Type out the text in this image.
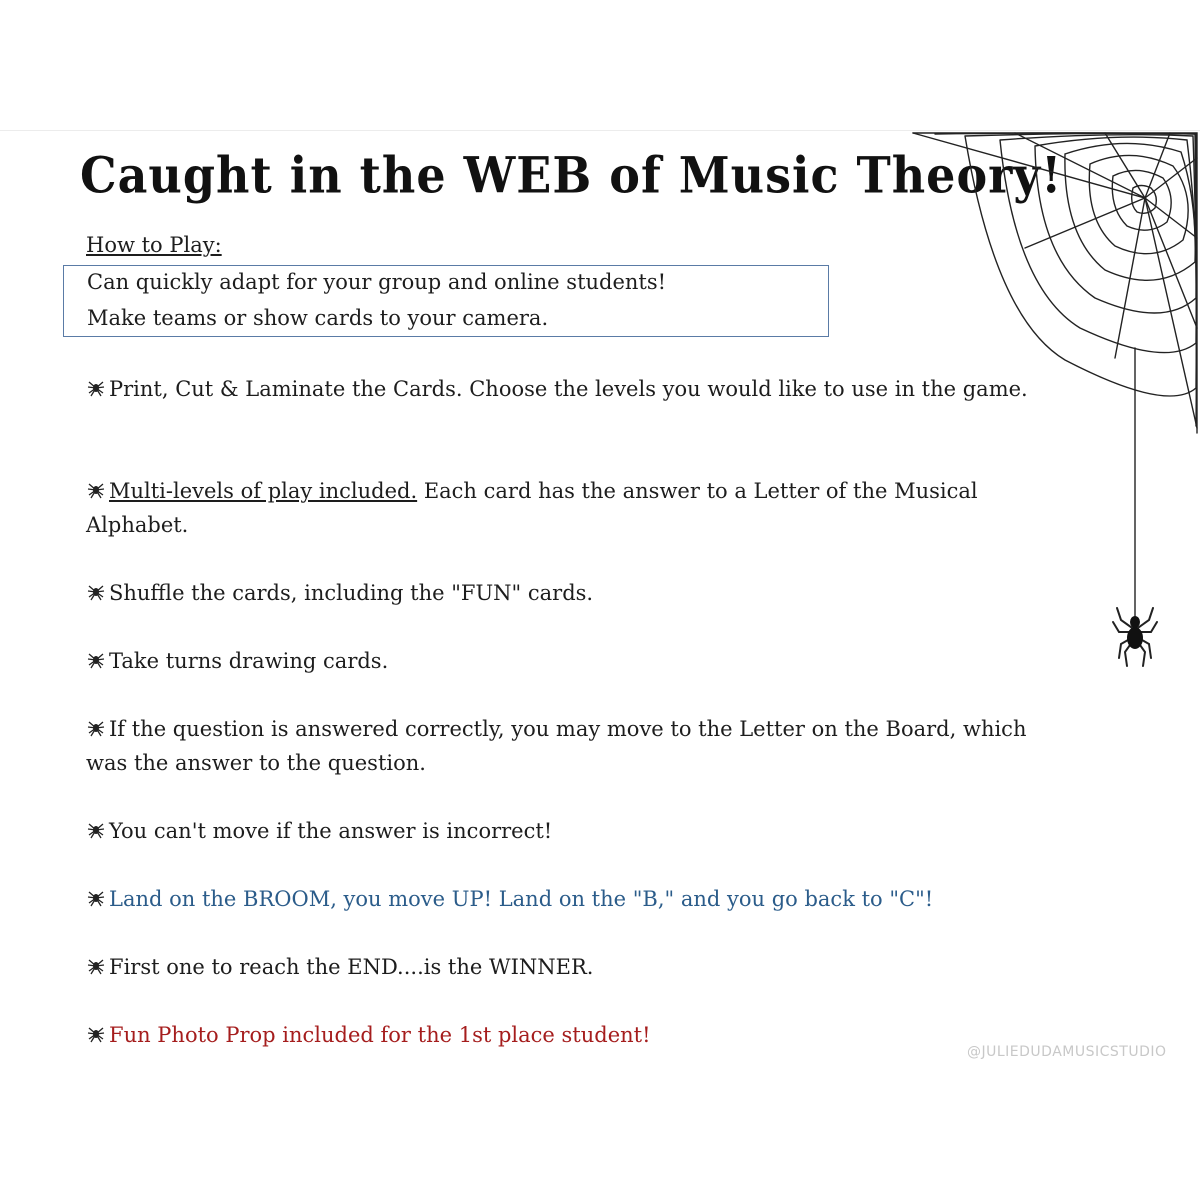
Caught in the WEB of Music Theory!
How to Play:
Can quickly adapt for your group and online students!
Make teams or show cards to your camera.
Print, Cut & Laminate the Cards. Choose the levels you would like to use in the game.
Multi-levels of play included. Each card has the answer to a Letter of the Musical Alphabet.
Shuffle the cards, including the "FUN" cards.
Take turns drawing cards.
If the question is answered correctly, you may move to the Letter on the Board, which was the answer to the question.
You can't move if the answer is incorrect!
Land on the BROOM, you move UP! Land on the "B," and you go back to "C"!
First one to reach the END....is the WINNER.
Fun Photo Prop included for the 1st place student!
@JULIEDUDAMUSICSTUDIO
